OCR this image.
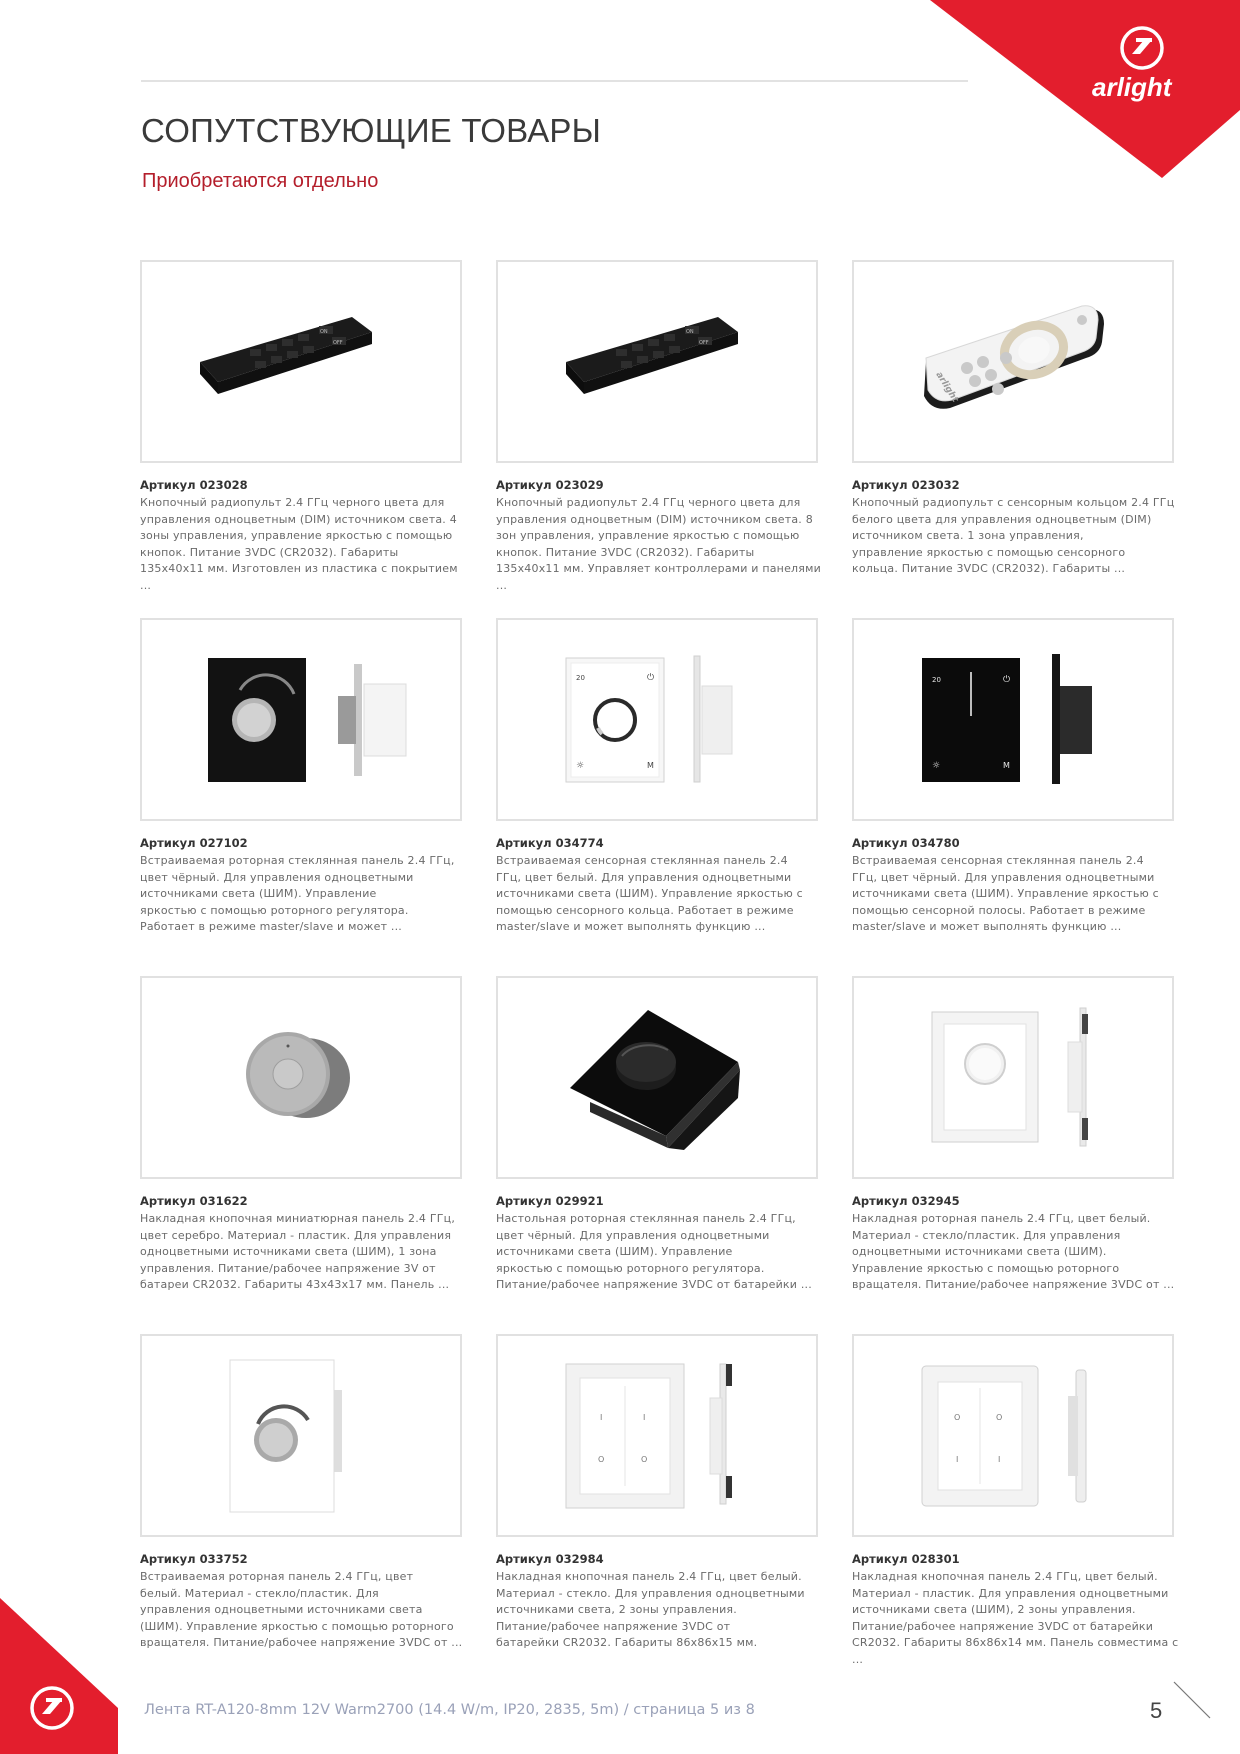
arlight
СОПУТСТВУЮЩИЕ ТОВАРЫ
Приобретаются отдельно
ON
OFF
Артикул 023028
Кнопочный радиопульт 2.4 ГГц черного цвета для
управления одноцветным (DIM) источником света. 4
зоны управления, управление яркостью с помощью
кнопок. Питание 3VDC (CR2032). Габариты
135x40x11 мм. Изготовлен из пластика с покрытием ...
ON
OFF
Артикул 023029
Кнопочный радиопульт 2.4 ГГц черного цвета для
управления одноцветным (DIM) источником света. 8
зон управления, управление яркостью с помощью
кнопок. Питание 3VDC (CR2032). Габариты
135x40x11 мм. Управляет контроллерами и панелями ...
arlight
Артикул 023032
Кнопочный радиопульт с сенсорным кольцом 2.4 ГГц
белого цвета для управления одноцветным (DIM)
источником света. 1 зона управления,
управление яркостью с помощью сенсорного
кольца. Питание 3VDC (CR2032). Габариты ...
Артикул 027102
Встраиваемая роторная стеклянная панель 2.4 ГГц,
цвет чёрный. Для управления одноцветными
источниками света (ШИМ). Управление
яркостью с помощью роторного регулятора.
Работает в режиме master/slave и может ...
20	⏻
☼	M
Артикул 034774
Встраиваемая сенсорная стеклянная панель 2.4
ГГц, цвет белый. Для управления одноцветными
источниками света (ШИМ). Управление яркостью с
помощью сенсорного кольца. Работает в режиме
master/slave и может выполнять функцию ...
20	⏻
☼	M
Артикул 034780
Встраиваемая сенсорная стеклянная панель 2.4
ГГц, цвет чёрный. Для управления одноцветными
источниками света (ШИМ). Управление яркостью с
помощью сенсорной полосы. Работает в режиме
master/slave и может выполнять функцию ...
Артикул 031622
Накладная кнопочная миниатюрная панель 2.4 ГГц,
цвет серебро. Материал - пластик. Для управления
одноцветными источниками света (ШИМ), 1 зона
управления. Питание/рабочее напряжение 3V от
батареи CR2032. Габариты 43x43x17 мм. Панель ...
Артикул 029921
Настольная роторная стеклянная панель 2.4 ГГц,
цвет чёрный. Для управления одноцветными
источниками света (ШИМ). Управление
яркостью с помощью роторного регулятора.
Питание/рабочее напряжение 3VDC от батарейки ...
Артикул 032945
Накладная роторная панель 2.4 ГГц, цвет белый.
Материал - стекло/пластик. Для управления
одноцветными источниками света (ШИМ).
Управление яркостью с помощью роторного
вращателя. Питание/рабочее напряжение 3VDC от ...
Артикул 033752
Встраиваемая роторная панель 2.4 ГГц, цвет
белый. Материал - стекло/пластик. Для
управления одноцветными источниками света
(ШИМ). Управление яркостью с помощью роторного
вращателя. Питание/рабочее напряжение 3VDC от ...
I	I
O	O
Артикул 032984
Накладная кнопочная панель 2.4 ГГц, цвет белый.
Материал - стекло. Для управления одноцветными
источниками света, 2 зоны управления.
Питание/рабочее напряжение 3VDC от
батарейки CR2032. Габариты 86x86x15 мм.
O	O
I	I
Артикул 028301
Накладная кнопочная панель 2.4 ГГц, цвет белый.
Материал - пластик. Для управления одноцветными
источниками света (ШИМ), 2 зоны управления.
Питание/рабочее напряжение 3VDC от батарейки
CR2032. Габариты 86x86x14 мм. Панель совместима с ...
Лента RT-A120-8mm 12V Warm2700 (14.4 W/m, IP20, 2835, 5m) / страница 5 из 8	5
